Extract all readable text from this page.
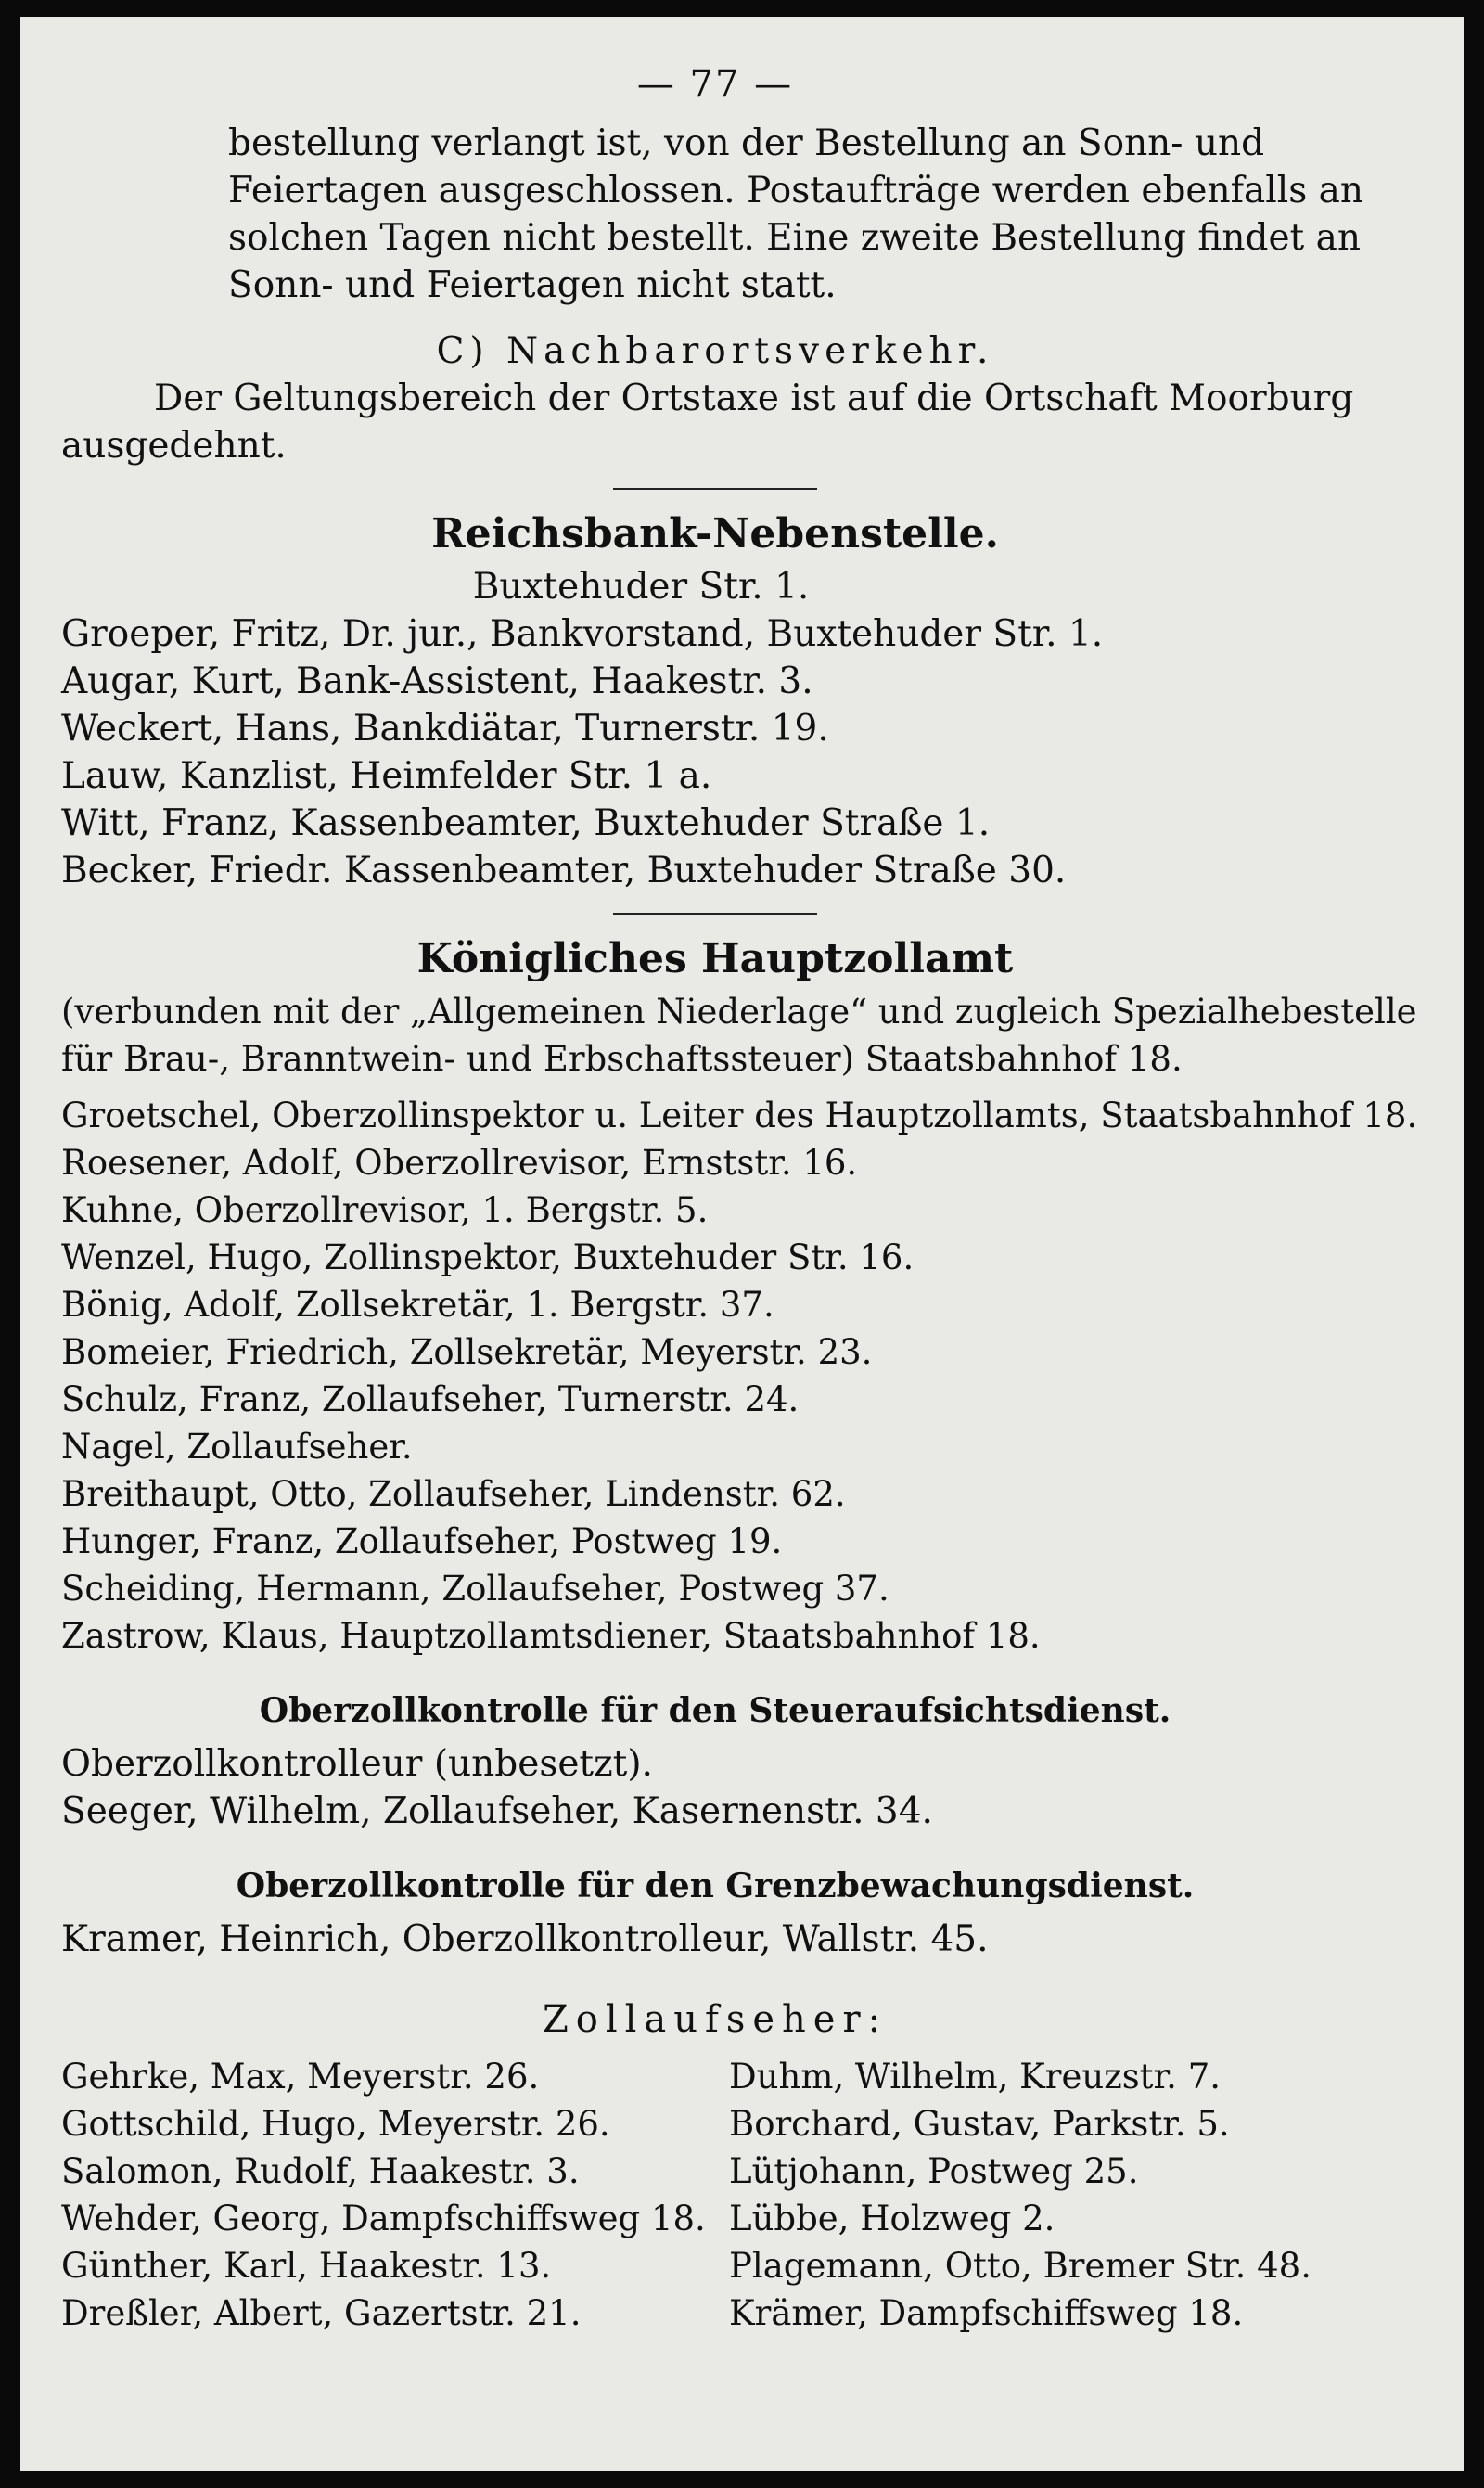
— 77 —
bestellung verlangt ist, von der Bestellung an Sonn- und
Feiertagen ausgeschlossen. Postaufträge werden ebenfalls an
solchen Tagen nicht bestellt. Eine zweite Bestellung findet an
Sonn- und Feiertagen nicht statt.
C) Nachbarortsverkehr.
Der Geltungsbereich der Ortstaxe ist auf die Ortschaft Moorburg
ausgedehnt.
Reichsbank-Nebenstelle.
Buxtehuder Str. 1.
Groeper, Fritz, Dr. jur., Bankvorstand, Buxtehuder Str. 1.
Augar, Kurt, Bank-Assistent, Haakestr. 3.
Weckert, Hans, Bankdiätar, Turnerstr. 19.
Lauw, Kanzlist, Heimfelder Str. 1 a.
Witt, Franz, Kassenbeamter, Buxtehuder Straße 1.
Becker, Friedr. Kassenbeamter, Buxtehuder Straße 30.
Königliches Hauptzollamt
(verbunden mit der „Allgemeinen Niederlage“ und zugleich Spezialhebestelle
für Brau-, Branntwein- und Erbschaftssteuer) Staatsbahnhof 18.
Groetschel, Oberzollinspektor u. Leiter des Hauptzollamts, Staatsbahnhof 18.
Roesener, Adolf, Oberzollrevisor, Ernststr. 16.
Kuhne, Oberzollrevisor, 1. Bergstr. 5.
Wenzel, Hugo, Zollinspektor, Buxtehuder Str. 16.
Bönig, Adolf, Zollsekretär, 1. Bergstr. 37.
Bomeier, Friedrich, Zollsekretär, Meyerstr. 23.
Schulz, Franz, Zollaufseher, Turnerstr. 24.
Nagel, Zollaufseher.
Breithaupt, Otto, Zollaufseher, Lindenstr. 62.
Hunger, Franz, Zollaufseher, Postweg 19.
Scheiding, Hermann, Zollaufseher, Postweg 37.
Zastrow, Klaus, Hauptzollamtsdiener, Staatsbahnhof 18.
Oberzollkontrolle für den Steueraufsichtsdienst.
Oberzollkontrolleur (unbesetzt).
Seeger, Wilhelm, Zollaufseher, Kasernenstr. 34.
Oberzollkontrolle für den Grenzbewachungsdienst.
Kramer, Heinrich, Oberzollkontrolleur, Wallstr. 45.
Zollaufseher:
Gehrke, Max, Meyerstr. 26.
Gottschild, Hugo, Meyerstr. 26.
Salomon, Rudolf, Haakestr. 3.
Wehder, Georg, Dampfschiffsweg 18.
Günther, Karl, Haakestr. 13.
Dreßler, Albert, Gazertstr. 21.
Duhm, Wilhelm, Kreuzstr. 7.
Borchard, Gustav, Parkstr. 5.
Lütjohann, Postweg 25.
Lübbe, Holzweg 2.
Plagemann, Otto, Bremer Str. 48.
Krämer, Dampfschiffsweg 18.
